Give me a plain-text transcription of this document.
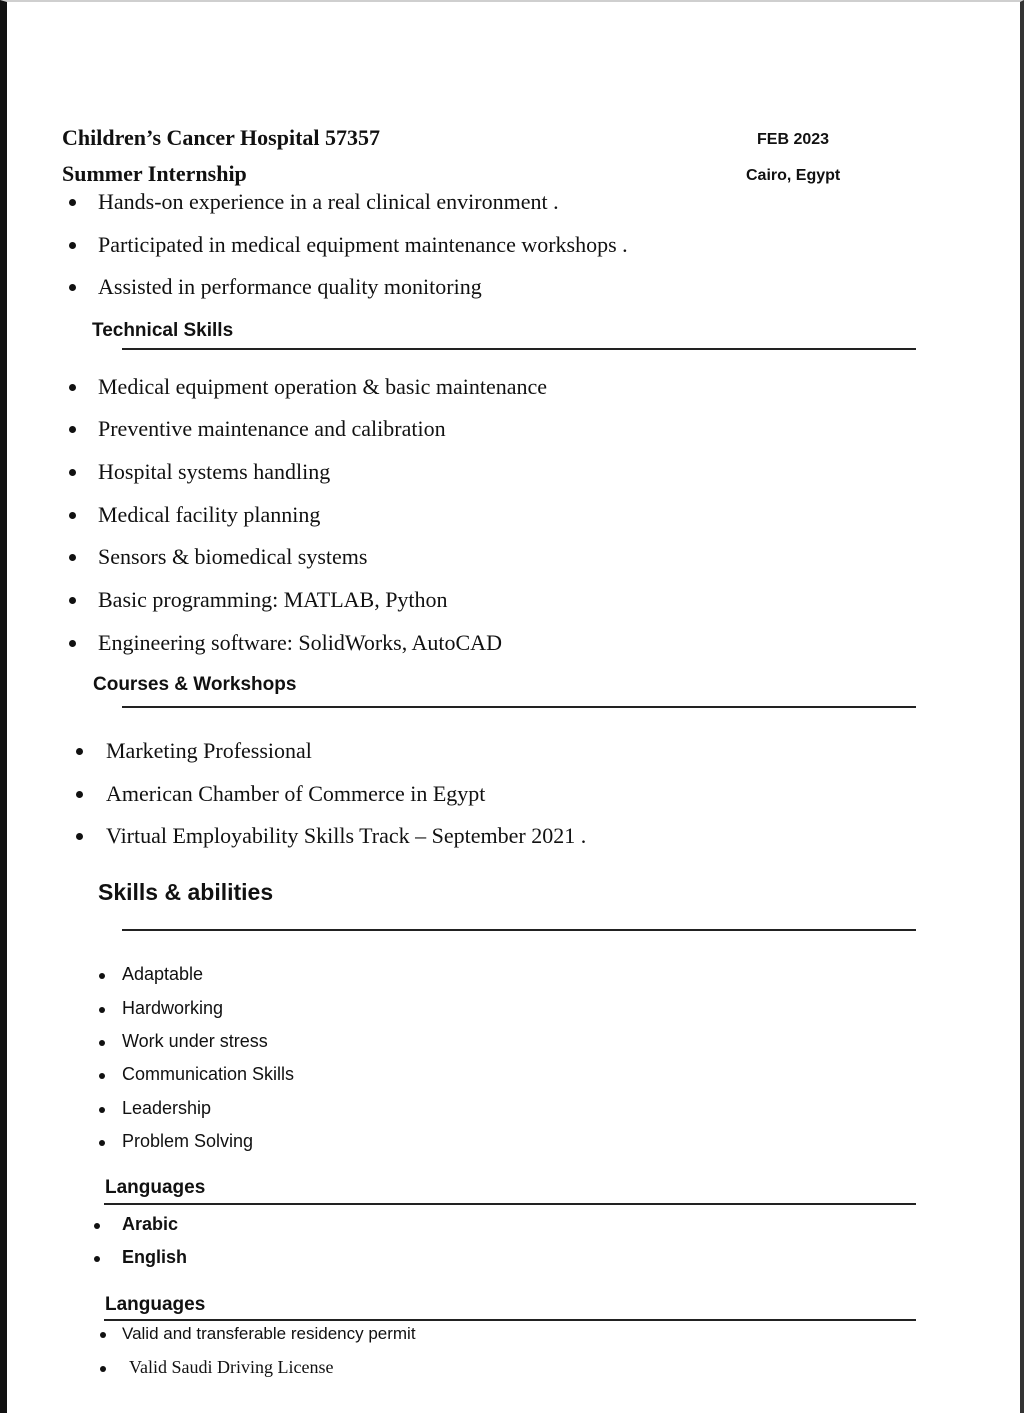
Children’s Cancer Hospital 57357	FEB 2023
Summer Internship	Cairo, Egypt
Hands-on experience in a real clinical environment .
Participated in medical equipment maintenance workshops .
Assisted in performance quality monitoring
Technical Skills
Medical equipment operation & basic maintenance
Preventive maintenance and calibration
Hospital systems handling
Medical facility planning
Sensors & biomedical systems
Basic programming: MATLAB, Python
Engineering software: SolidWorks, AutoCAD
Courses & Workshops
Marketing Professional
American Chamber of Commerce in Egypt
Virtual Employability Skills Track – September 2021 .
Skills & abilities
Adaptable
Hardworking
Work under stress
Communication Skills
Leadership
Problem Solving
Languages
Arabic
English
Languages
Valid and transferable residency permit
Valid Saudi Driving License
